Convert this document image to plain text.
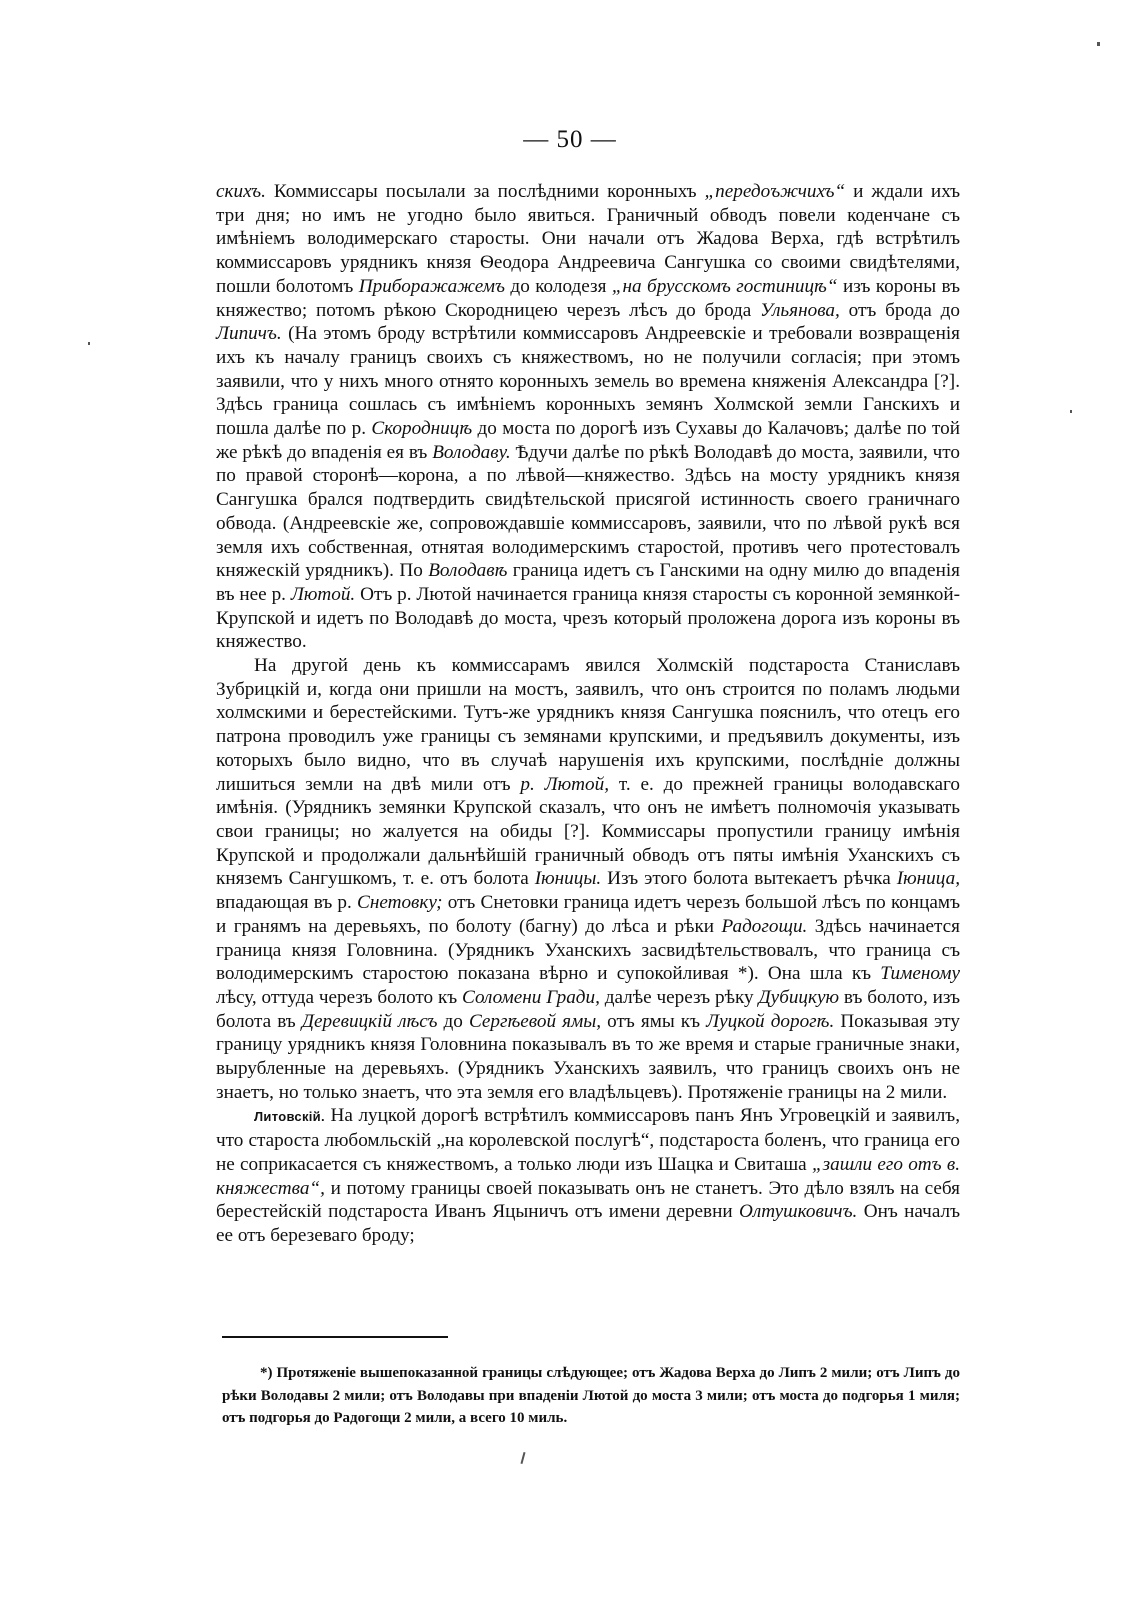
— 50 —

скихъ. Коммиссары посылали за послѣдними коронныхъ „передоъжчихъ“ и ждали ихъ три дня; но имъ не угодно было явиться. Граничный обводъ повели коденчане съ имѣніемъ володимерскаго старосты. Они начали отъ Жадова Верха, гдѣ встрѣтилъ коммиссаровъ урядникъ князя Ѳеодора Андреевича Сангушка со своими свидѣтелями, пошли болотомъ Приборажажемъ до колодезя „на брусскомъ гостиницѣ“ изъ короны въ княжество; потомъ рѣкою Скородницею черезъ лѣсъ до брода Ульянова, отъ брода до Липичъ. (На этомъ броду встрѣтили коммиссаровъ Андреевскіе и требовали возвращенія ихъ къ началу границъ своихъ съ княжествомъ, но не получили согласія; при этомъ заявили, что у нихъ много отнято коронныхъ земель во времена княженія Александра [?]. Здѣсь граница сошлась съ имѣніемъ коронныхъ земянъ Холмской земли Ганскихъ и пошла далѣе по р. Скородницѣ до моста по дорогѣ изъ Сухавы до Калачовъ; далѣе по той же рѣкѣ до впаденія ея въ Володаву. Ѣдучи далѣе по рѣкѣ Володавѣ до моста, заявили, что по правой сторонѣ—корона, а по лѣвой—княжество. Здѣсь на мосту урядникъ князя Сангушка брался подтвердить свидѣтельской присягой истинность своего граничнаго обвода. (Андреевскіе же, сопровождавшіе коммиссаровъ, заявили, что по лѣвой рукѣ вся земля ихъ собственная, отнятая володимерскимъ старостой, противъ чего протестовалъ княжескій урядникъ). По Володавѣ граница идетъ съ Ганскими на одну милю до впаденія въ нее р. Лютой. Отъ р. Лютой начинается граница князя старосты съ коронной земянкой-Крупской и идетъ по Володавѣ до моста, чрезъ который проложена дорога изъ короны въ княжество.

На другой день къ коммиссарамъ явился Холмскій подстароста Станиславъ Зубрицкій и, когда они пришли на мостъ, заявилъ, что онъ строится по поламъ людьми холмскими и берестейскими. Тутъ-же урядникъ князя Сангушка пояснилъ, что отецъ его патрона проводилъ уже границы съ земянами крупскими, и предъявилъ документы, изъ которыхъ было видно, что въ случаѣ нарушенія ихъ крупскими, послѣдніе должны лишиться земли на двѣ мили отъ р. Лютой, т. е. до прежней границы володавскаго имѣнія. (Урядникъ земянки Крупской сказалъ, что онъ не имѣетъ полномочія указывать свои границы; но жалуется на обиды [?]. Коммиссары пропустили границу имѣнія Крупской и продолжали дальнѣйшій граничный обводъ отъ пяты имѣнія Уханскихъ съ княземъ Сангушкомъ, т. е. отъ болота Іюницы. Изъ этого болота вытекаетъ рѣчка Іюница, впадающая въ р. Снетовку; отъ Снетовки граница идетъ черезъ большой лѣсъ по концамъ и гранямъ на деревьяхъ, по болоту (багну) до лѣса и рѣки Радогощи. Здѣсь начинается граница князя Головнина. (Урядникъ Уханскихъ засвидѣтельствовалъ, что граница съ володимерскимъ старостою показана вѣрно и супокойливая *). Она шла къ Тименому лѣсу, оттуда черезъ болото къ Соломени Гради, далѣе черезъ рѣку Дубицкую въ болото, изъ болота въ Деревицкій лѣсъ до Сергѣевой ямы, отъ ямы къ Луцкой дорогѣ. Показывая эту границу урядникъ князя Головнина показывалъ въ то же время и старые граничные знаки, вырубленные на деревьяхъ. (Урядникъ Уханскихъ заявилъ, что границъ своихъ онъ не знаетъ, но только знаетъ, что эта земля его владѣльцевъ). Протяженіе границы на 2 мили.

Литовскій. На луцкой дорогѣ встрѣтилъ коммиссаровъ панъ Янъ Угровецкій и заявилъ, что староста любомльскій „на королевской послугѣ“, подстароста боленъ, что граница его не соприкасается съ княжествомъ, а только люди изъ Шацка и Свиташа „зашли его отъ в. княжества“, и потому границы своей показывать онъ не станетъ. Это дѣло взялъ на себя берестейскій подстароста Иванъ Яцыничъ отъ имени деревни Олтушковичъ. Онъ началъ ее отъ березеваго броду;

*) Протяженіе вышепоказанной границы слѣдующее; отъ Жадова Верха до Липъ 2 мили; отъ Липъ до рѣки Володавы 2 мили; отъ Володавы при впаденіи Лютой до моста 3 мили; отъ моста до подгорья 1 миля; отъ подгорья до Радогощи 2 мили, а всего 10 миль.
